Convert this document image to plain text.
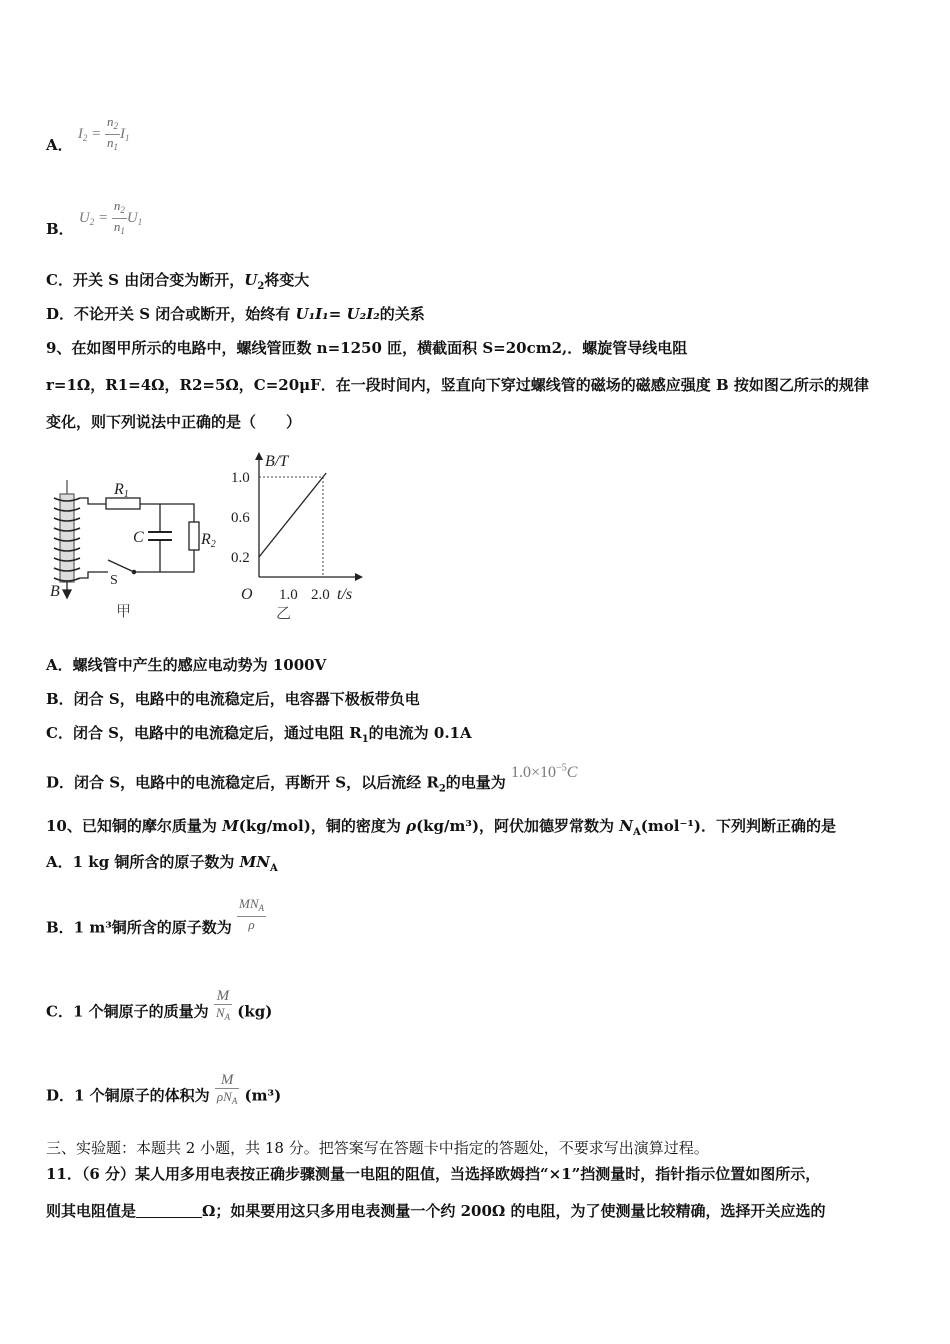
A． $I_2 = \frac{n_2}{n_1} I_1$
B． $U_2 = \frac{n_2}{n_1} U_1$
C．开关 S 由闭合变为断开，$U_2$将变大
D．不论开关 S 闭合或断开，始终有 U₁I₁= U₂I₂的关系
9、在如图甲所示的电路中，螺线管匝数 n=1250 匝，横截面积 S=20cm2,．螺旋管导线电阻
r=1Ω，R1=4Ω，R2=5Ω，C=20μF．在一段时间内，竖直向下穿过螺线管的磁场的磁感应强度 B 按如图乙所示的规律
变化，则下列说法中正确的是（　　）
R1
C	R2
S
B
甲
B/T
t/s
O
0.2
0.6
1.0
1.0 2.0
乙
A．螺线管中产生的感应电动势为 1000V
B．闭合 S，电路中的电流稳定后，电容器下极板带负电
C．闭合 S，电路中的电流稳定后，通过电阻 $R_1$的电流为 0.1A
D．闭合 S，电路中的电流稳定后，再断开 S，以后流经 $R_2$的电量为 $1.0\times 10^{-5}C$
10、已知铜的摩尔质量为 M(kg/mol)，铜的密度为 ρ(kg/m³)，阿伏加德罗常数为 $N_A(mol^{-1})$．下列判断正确的是
A．1 kg 铜所含的原子数为 $MN_A$
B．1 m³铜所含的原子数为 $\frac{MN_A}{\rho}$
C．1 个铜原子的质量为 $\frac{M}{N_A} (kg)$
D．1 个铜原子的体积为 $\frac{M}{\rho N_A} (m^3)$
三、实验题：本题共 2 小题，共 18 分。把答案写在答题卡中指定的答题处，不要求写出演算过程。
11．（6 分）某人用多用电表按正确步骤测量一电阻的阻值，当选择欧姆挡“×1”挡测量时，指针指示位置如图所示，
则其电阻值是	Ω；如果要用这只多用电表测量一个约 200Ω 的电阻，为了使测量比较精确，选择开关应选的
